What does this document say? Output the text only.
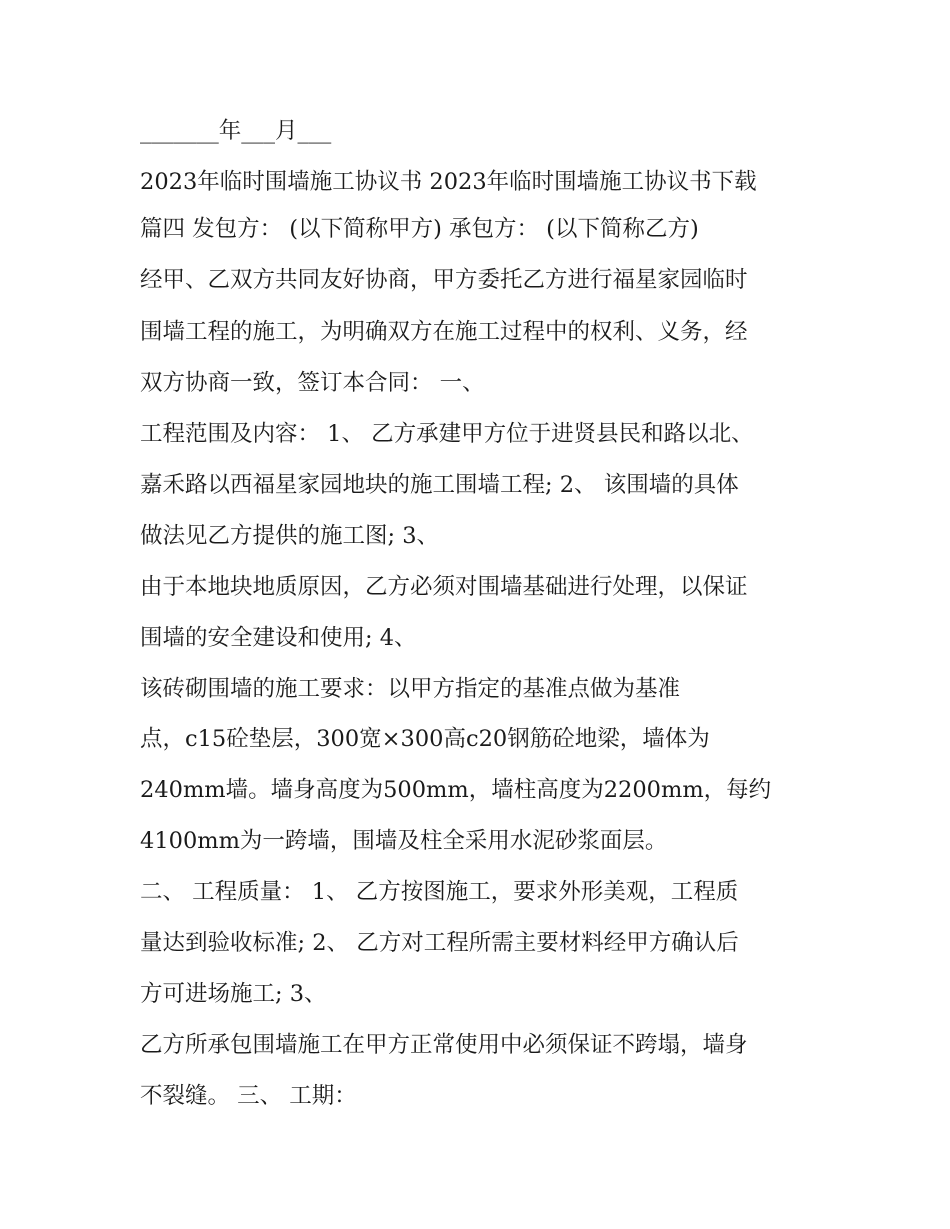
_______年___月___
2023年临时围墙施工协议书 2023年临时围墙施工协议书下载
篇四 发包方： (以下简称甲方) 承包方： (以下简称乙方)
经甲、乙双方共同友好协商，甲方委托乙方进行福星家园临时
围墙工程的施工，为明确双方在施工过程中的权利、义务，经
双方协商一致，签订本合同： 一、
工程范围及内容： 1、 乙方承建甲方位于进贤县民和路以北、
嘉禾路以西福星家园地块的施工围墙工程; 2、 该围墙的具体
做法见乙方提供的施工图; 3、
由于本地块地质原因，乙方必须对围墙基础进行处理，以保证
围墙的安全建设和使用; 4、
该砖砌围墙的施工要求：以甲方指定的基准点做为基准
点，c15砼垫层，300宽×300高c20钢筋砼地梁，墙体为
240mm墙。墙身高度为500mm，墙柱高度为2200mm，每约
4100mm为一跨墙，围墙及柱全采用水泥砂浆面层。
二、 工程质量： 1、 乙方按图施工，要求外形美观，工程质
量达到验收标准; 2、 乙方对工程所需主要材料经甲方确认后
方可进场施工; 3、
乙方所承包围墙施工在甲方正常使用中必须保证不跨塌，墙身
不裂缝。 三、 工期：
